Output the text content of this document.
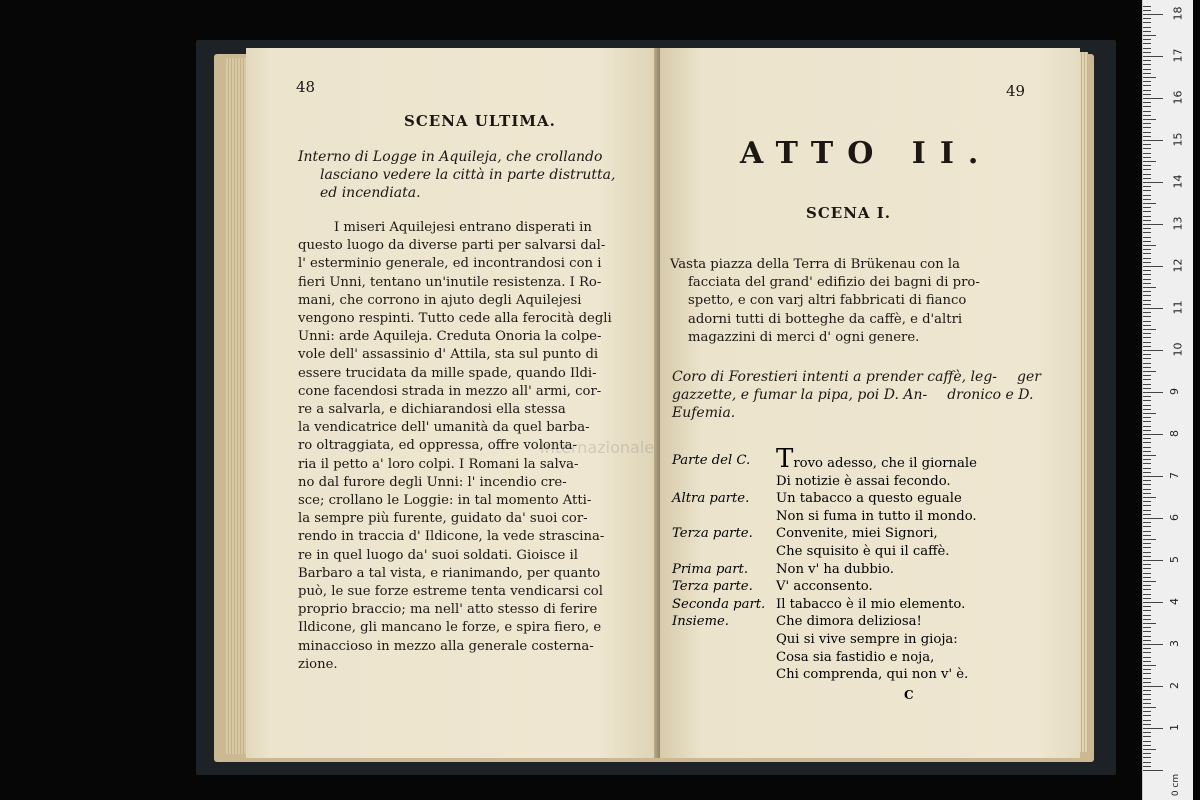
48
SCENA ULTIMA.
Interno di Logge in Aquileja, che crollando
lasciano vedere la città in parte distrutta,
ed incendiata.
I miseri Aquilejesi entrano disperati in
questo luogo da diverse parti per salvarsi dal-
l' esterminio generale, ed incontrandosi con i
fieri Unni, tentano un'inutile resistenza. I Ro-
mani, che corrono in ajuto degli Aquilejesi
vengono respinti. Tutto cede alla ferocità degli
Unni: arde Aquileja. Creduta Onoria la colpe-
vole dell' assassinio d' Attila, sta sul punto di
essere trucidata da mille spade, quando Ildi-
cone facendosi strada in mezzo all' armi, cor-
re a salvarla, e dichiarandosi ella stessa
la vendicatrice dell' umanità da quel barba-
ro oltraggiata, ed oppressa, offre volonta-
ria il petto a' loro colpi. I Romani la salva-
no dal furore degli Unni: l' incendio cre-
sce; crollano le Loggie: in tal momento Atti-
la sempre più furente, guidato da' suoi cor-
rendo in traccia d' Ildicone, la vede strascina-
re in quel luogo da' suoi soldati. Gioisce il
Barbaro a tal vista, e rianimando, per quanto
può, le sue forze estreme tenta vendicarsi col
proprio braccio; ma nell' atto stesso di ferire
Ildicone, gli mancano le forze, e spira fiero, e
minaccioso in mezzo alla generale costerna-
zione.
49
ATTO II.
SCENA I.
Vasta piazza della Terra di Brükenau con la
facciata del grand' edifizio dei bagni di pro-
spetto, e con varj altri fabbricati di fianco
adorni tutti di botteghe da caffè, e d'altri
magazzini di merci d' ogni genere.
Coro di Forestieri intenti a prender caffè, leg- ger gazzette, e fumar la pipa, poi D. An- dronico e D. Eufemia.
Parte del C. Trovo adesso, che il giornale
Di notizie è assai fecondo.
Altra parte.	Un tabacco a questo eguale
Non si fuma in tutto il mondo.
Terza parte.	Convenite, miei Signori,
Che squisito è qui il caffè.
Prima part.	Non v' ha dubbio.
Terza parte.	V' acconsento.
Seconda part. Il tabacco è il mio elemento.
Insieme.	Che dimora deliziosa!
Qui si vive sempre in gioja:
Cosa sia fastidio e noja,
Chi comprenda, qui non v' è.
C
Internazionale
0 cm
18
17
16
15
14
13
12
11
10
9
8
7
6
5
4
3
2
1
